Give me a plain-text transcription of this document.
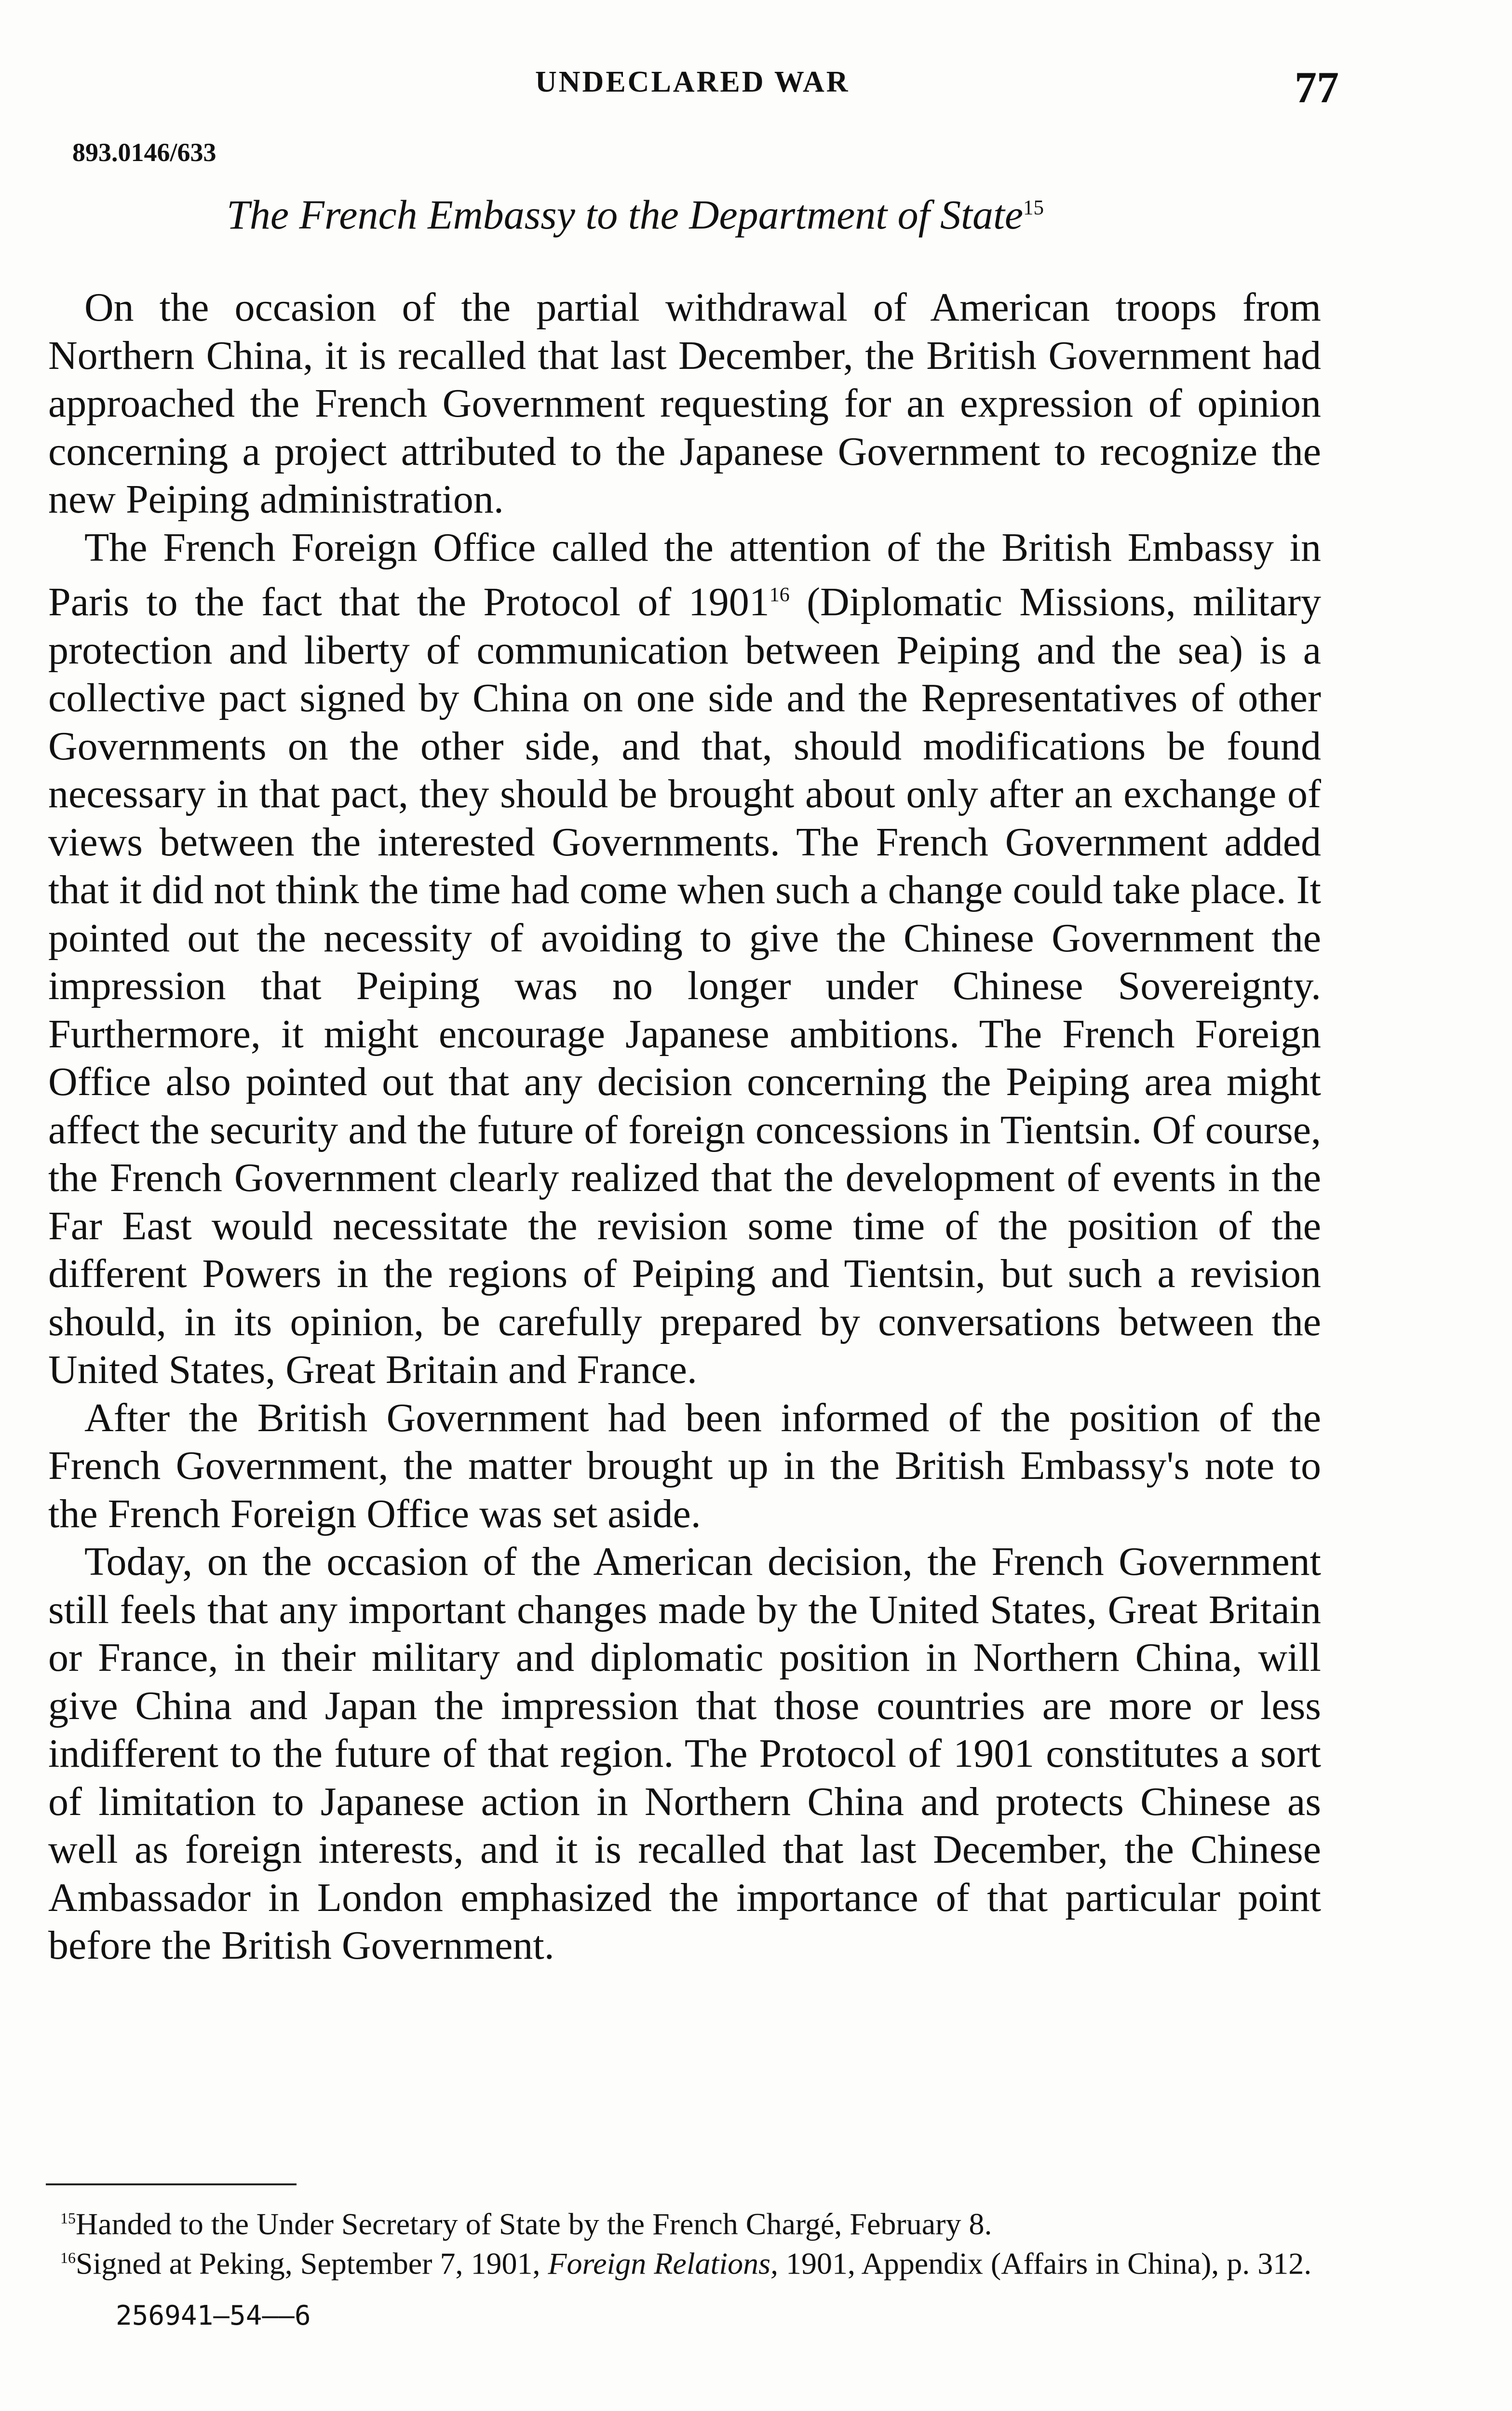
UNDECLARED WAR	77
893.0146/633
The French Embassy to the Department of State$^{15}$

On the occasion of the partial withdrawal of American troops from Northern China, it is recalled that last December, the British Government had approached the French Government requesting for an expression of opinion concerning a project attributed to the Japanese Government to recognize the new Peiping administration.

The French Foreign Office called the attention of the British Embassy in Paris to the fact that the Protocol of 1901$^{16}$ (Diplomatic Missions, military protection and liberty of communication between Peiping and the sea) is a collective pact signed by China on one side and the Representatives of other Governments on the other side, and that, should modifications be found necessary in that pact, they should be brought about only after an exchange of views between the interested Governments. The French Government added that it did not think the time had come when such a change could take place. It pointed out the necessity of avoiding to give the Chinese Government the impression that Peiping was no longer under Chinese Sovereignty. Furthermore, it might encourage Japanese ambitions. The French Foreign Office also pointed out that any decision concerning the Peiping area might affect the security and the future of foreign concessions in Tientsin. Of course, the French Government clearly realized that the development of events in the Far East would necessitate the revision some time of the position of the different Powers in the regions of Peiping and Tientsin, but such a revision should, in its opinion, be carefully prepared by conversations between the United States, Great Britain and France.

After the British Government had been informed of the position of the French Government, the matter brought up in the British Embassy's note to the French Foreign Office was set aside.

Today, on the occasion of the American decision, the French Government still feels that any important changes made by the United States, Great Britain or France, in their military and diplomatic position in Northern China, will give China and Japan the impression that those countries are more or less indifferent to the future of that region. The Protocol of 1901 constitutes a sort of limitation to Japanese action in Northern China and protects Chinese as well as foreign interests, and it is recalled that last December, the Chinese Ambassador in London emphasized the importance of that particular point before the British Government.

$^{15}$Handed to the Under Secretary of State by the French Chargé, February 8.

$^{16}$Signed at Peking, September 7, 1901, Foreign Relations, 1901, Appendix (Affairs in China), p. 312.

256941—54——6
